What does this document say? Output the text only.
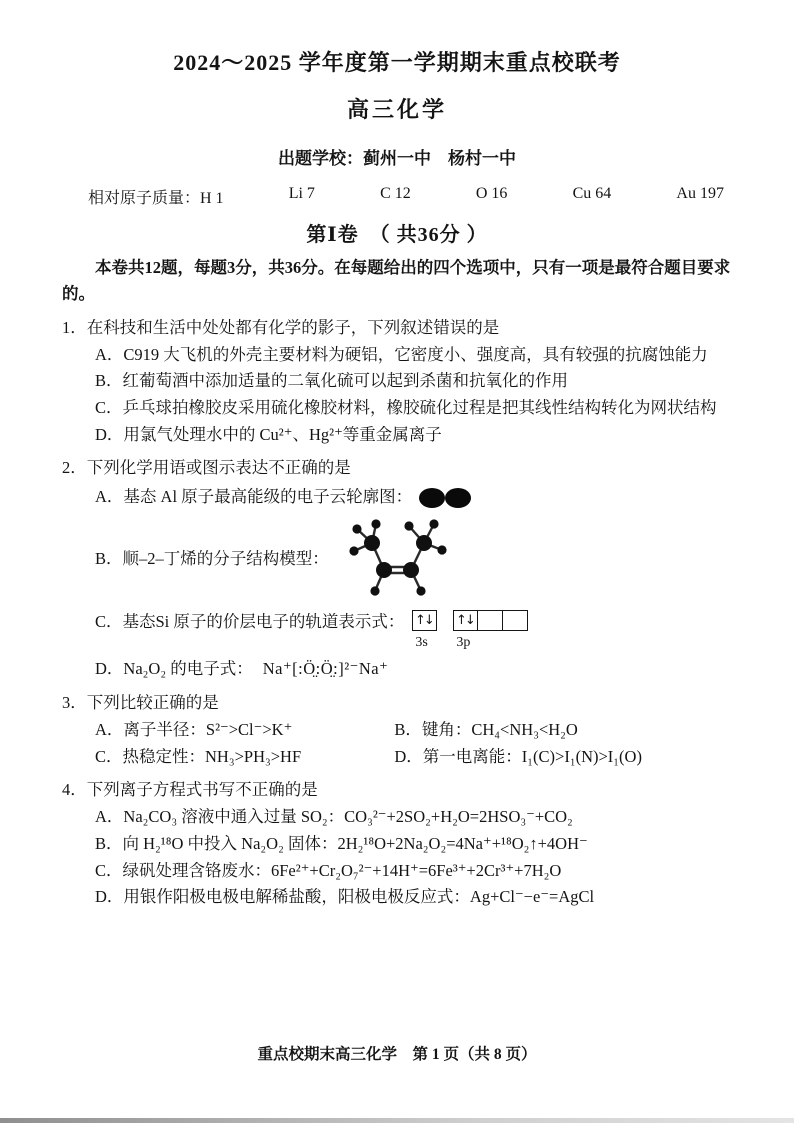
2024～2025 学年度第一学期期末重点校联考
高三化学
出题学校：蓟州一中　杨村一中
相对原子质量：H 1	Li 7	C 12	O 16	Cu 64	Au 197
第Ⅰ卷　（ 共36分 ）
本卷共12题，每题3分，共36分。在每题给出的四个选项中，只有一项是最符合题目要求的。
1．在科技和生活中处处都有化学的影子，下列叙述错误的是
A．C919 大飞机的外壳主要材料为硬铝，它密度小、强度高，具有较强的抗腐蚀能力
B．红葡萄酒中添加适量的二氧化硫可以起到杀菌和抗氧化的作用
C．乒乓球拍橡胶皮采用硫化橡胶材料，橡胶硫化过程是把其线性结构转化为网状结构
D．用氯气处理水中的 Cu²⁺、Hg²⁺等重金属离子
2．下列化学用语或图示表达不正确的是
A．基态 Al 原子最高能级的电子云轮廓图：
B．顺–2–丁烯的分子结构模型：
C．基态Si 原子的价层电子的轨道表示式： ↑↓
3s
↑↓
3p
D．Na₂O₂ 的电子式： Na⁺[:Ö̤:Ö̤:]²⁻Na⁺
3．下列比较正确的是
A．离子半径：S²⁻>Cl⁻>K⁺	B．键角：CH₄<NH₃<H₂O
C．热稳定性：NH₃>PH₃>HF	D．第一电离能：I₁(C)>I₁(N)>I₁(O)
4．下列离子方程式书写不正确的是
A．Na₂CO₃ 溶液中通入过量 SO₂：CO₃²⁻+2SO₂+H₂O=2HSO₃⁻+CO₂
B．向 H₂¹⁸O 中投入 Na₂O₂ 固体：2H₂¹⁸O+2Na₂O₂=4Na⁺+¹⁸O₂↑+4OH⁻
C．绿矾处理含铬废水：6Fe²⁺+Cr₂O₇²⁻+14H⁺=6Fe³⁺+2Cr³⁺+7H₂O
D．用银作阳极电极电解稀盐酸，阳极电极反应式：Ag+Cl⁻−e⁻=AgCl
重点校期末高三化学　第 1 页（共 8 页）
